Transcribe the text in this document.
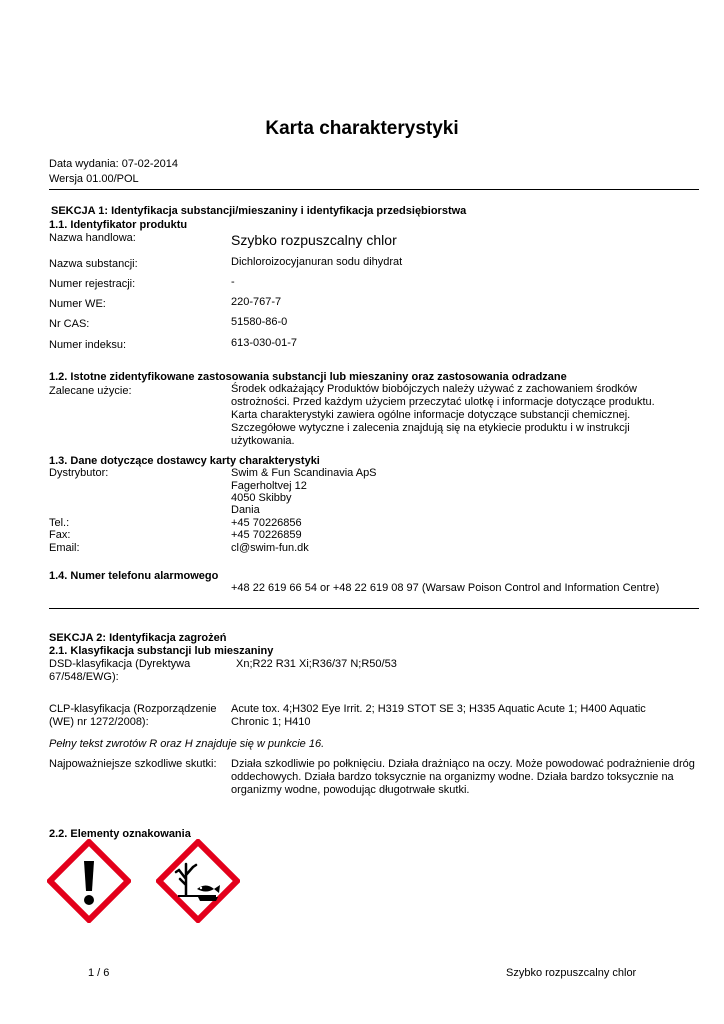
Karta charakterystyki
Data wydania: 07-02-2014
Wersja 01.00/POL
SEKCJA 1: Identyfikacja substancji/mieszaniny i identyfikacja przedsiębiorstwa
1.1. Identyfikator produktu
Nazwa handlowa:	Szybko rozpuszcalny chlor
Nazwa substancji:	Dichloroizocyjanuran sodu dihydrat
Numer rejestracji:	-
Numer WE:	220-767-7
Nr CAS:	51580-86-0
Numer indeksu:	613-030-01-7
1.2. Istotne zidentyfikowane zastosowania substancji lub mieszaniny oraz zastosowania odradzane
Zalecane użycie:	Środek odkażający Produktów biobójczych należy używać z zachowaniem środków ostrożności. Przed każdym użyciem przeczytać ulotkę i informacje dotyczące produktu. Karta charakterystyki zawiera ogólne informacje dotyczące substancji chemicznej. Szczegółowe wytyczne i zalecenia znajdują się na etykiecie produktu i w instrukcji użytkowania.
1.3. Dane dotyczące dostawcy karty charakterystyki
Dystrybutor:	Swim & Fun Scandinavia ApS
Fagerholtvej 12
4050 Skibby
Dania
Tel.:	+45 70226856
Fax:	+45 70226859
Email:	cl@swim-fun.dk
1.4. Numer telefonu alarmowego
+48 22 619 66 54 or +48 22 619 08 97 (Warsaw Poison Control and Information Centre)
SEKCJA 2: Identyfikacja zagrożeń
2.1. Klasyfikacja substancji lub mieszaniny
DSD-klasyfikacja (Dyrektywa 67/548/EWG):
Xn;R22 R31 Xi;R36/37 N;R50/53
CLP-klasyfikacja (Rozporządzenie (WE) nr 1272/2008):
Acute tox. 4;H302 Eye Irrit. 2; H319 STOT SE 3; H335 Aquatic Acute 1; H400 Aquatic Chronic 1; H410
Pełny tekst zwrotów R oraz H znajduje się w punkcie 16.
Najpoważniejsze szkodliwe skutki: Działa szkodliwie po połknięciu. Działa drażniąco na oczy. Może powodować podrażnienie dróg oddechowych. Działa bardzo toksycznie na organizmy wodne. Działa bardzo toksycznie na organizmy wodne, powodując długotrwałe skutki.
2.2. Elementy oznakowania
1 / 6	Szybko rozpuszcalny chlor
